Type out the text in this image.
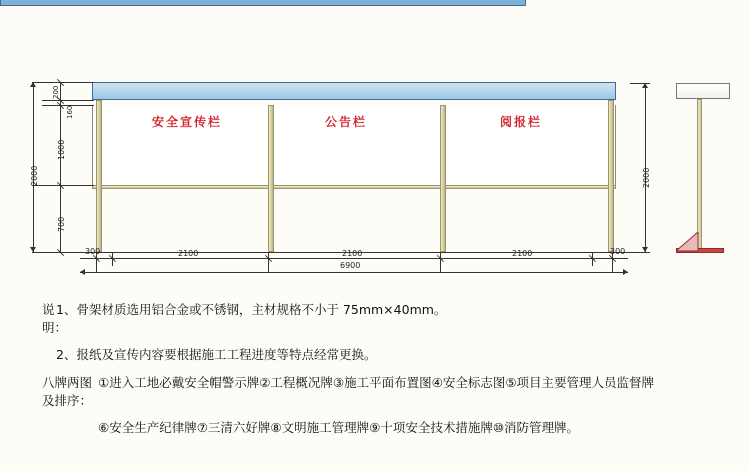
安全宣传栏	公告栏	阅报栏
2000
200
160
1000
700
300	2100	2100	2100	300
6900
2000
说明：
1、骨架材质选用铝合金或不锈钢，主材规格不小于 75mm×40mm。
2、报纸及宣传内容要根据施工工程进度等特点经常更换。
八牌两图及排序：
①进入工地必戴安全帽警示牌②工程概况牌③施工平面布置图④安全标志图⑤项目主要管理人员监督牌
⑥安全生产纪律牌⑦三清六好牌⑧文明施工管理牌⑨十项安全技术措施牌⑩消防管理牌。
